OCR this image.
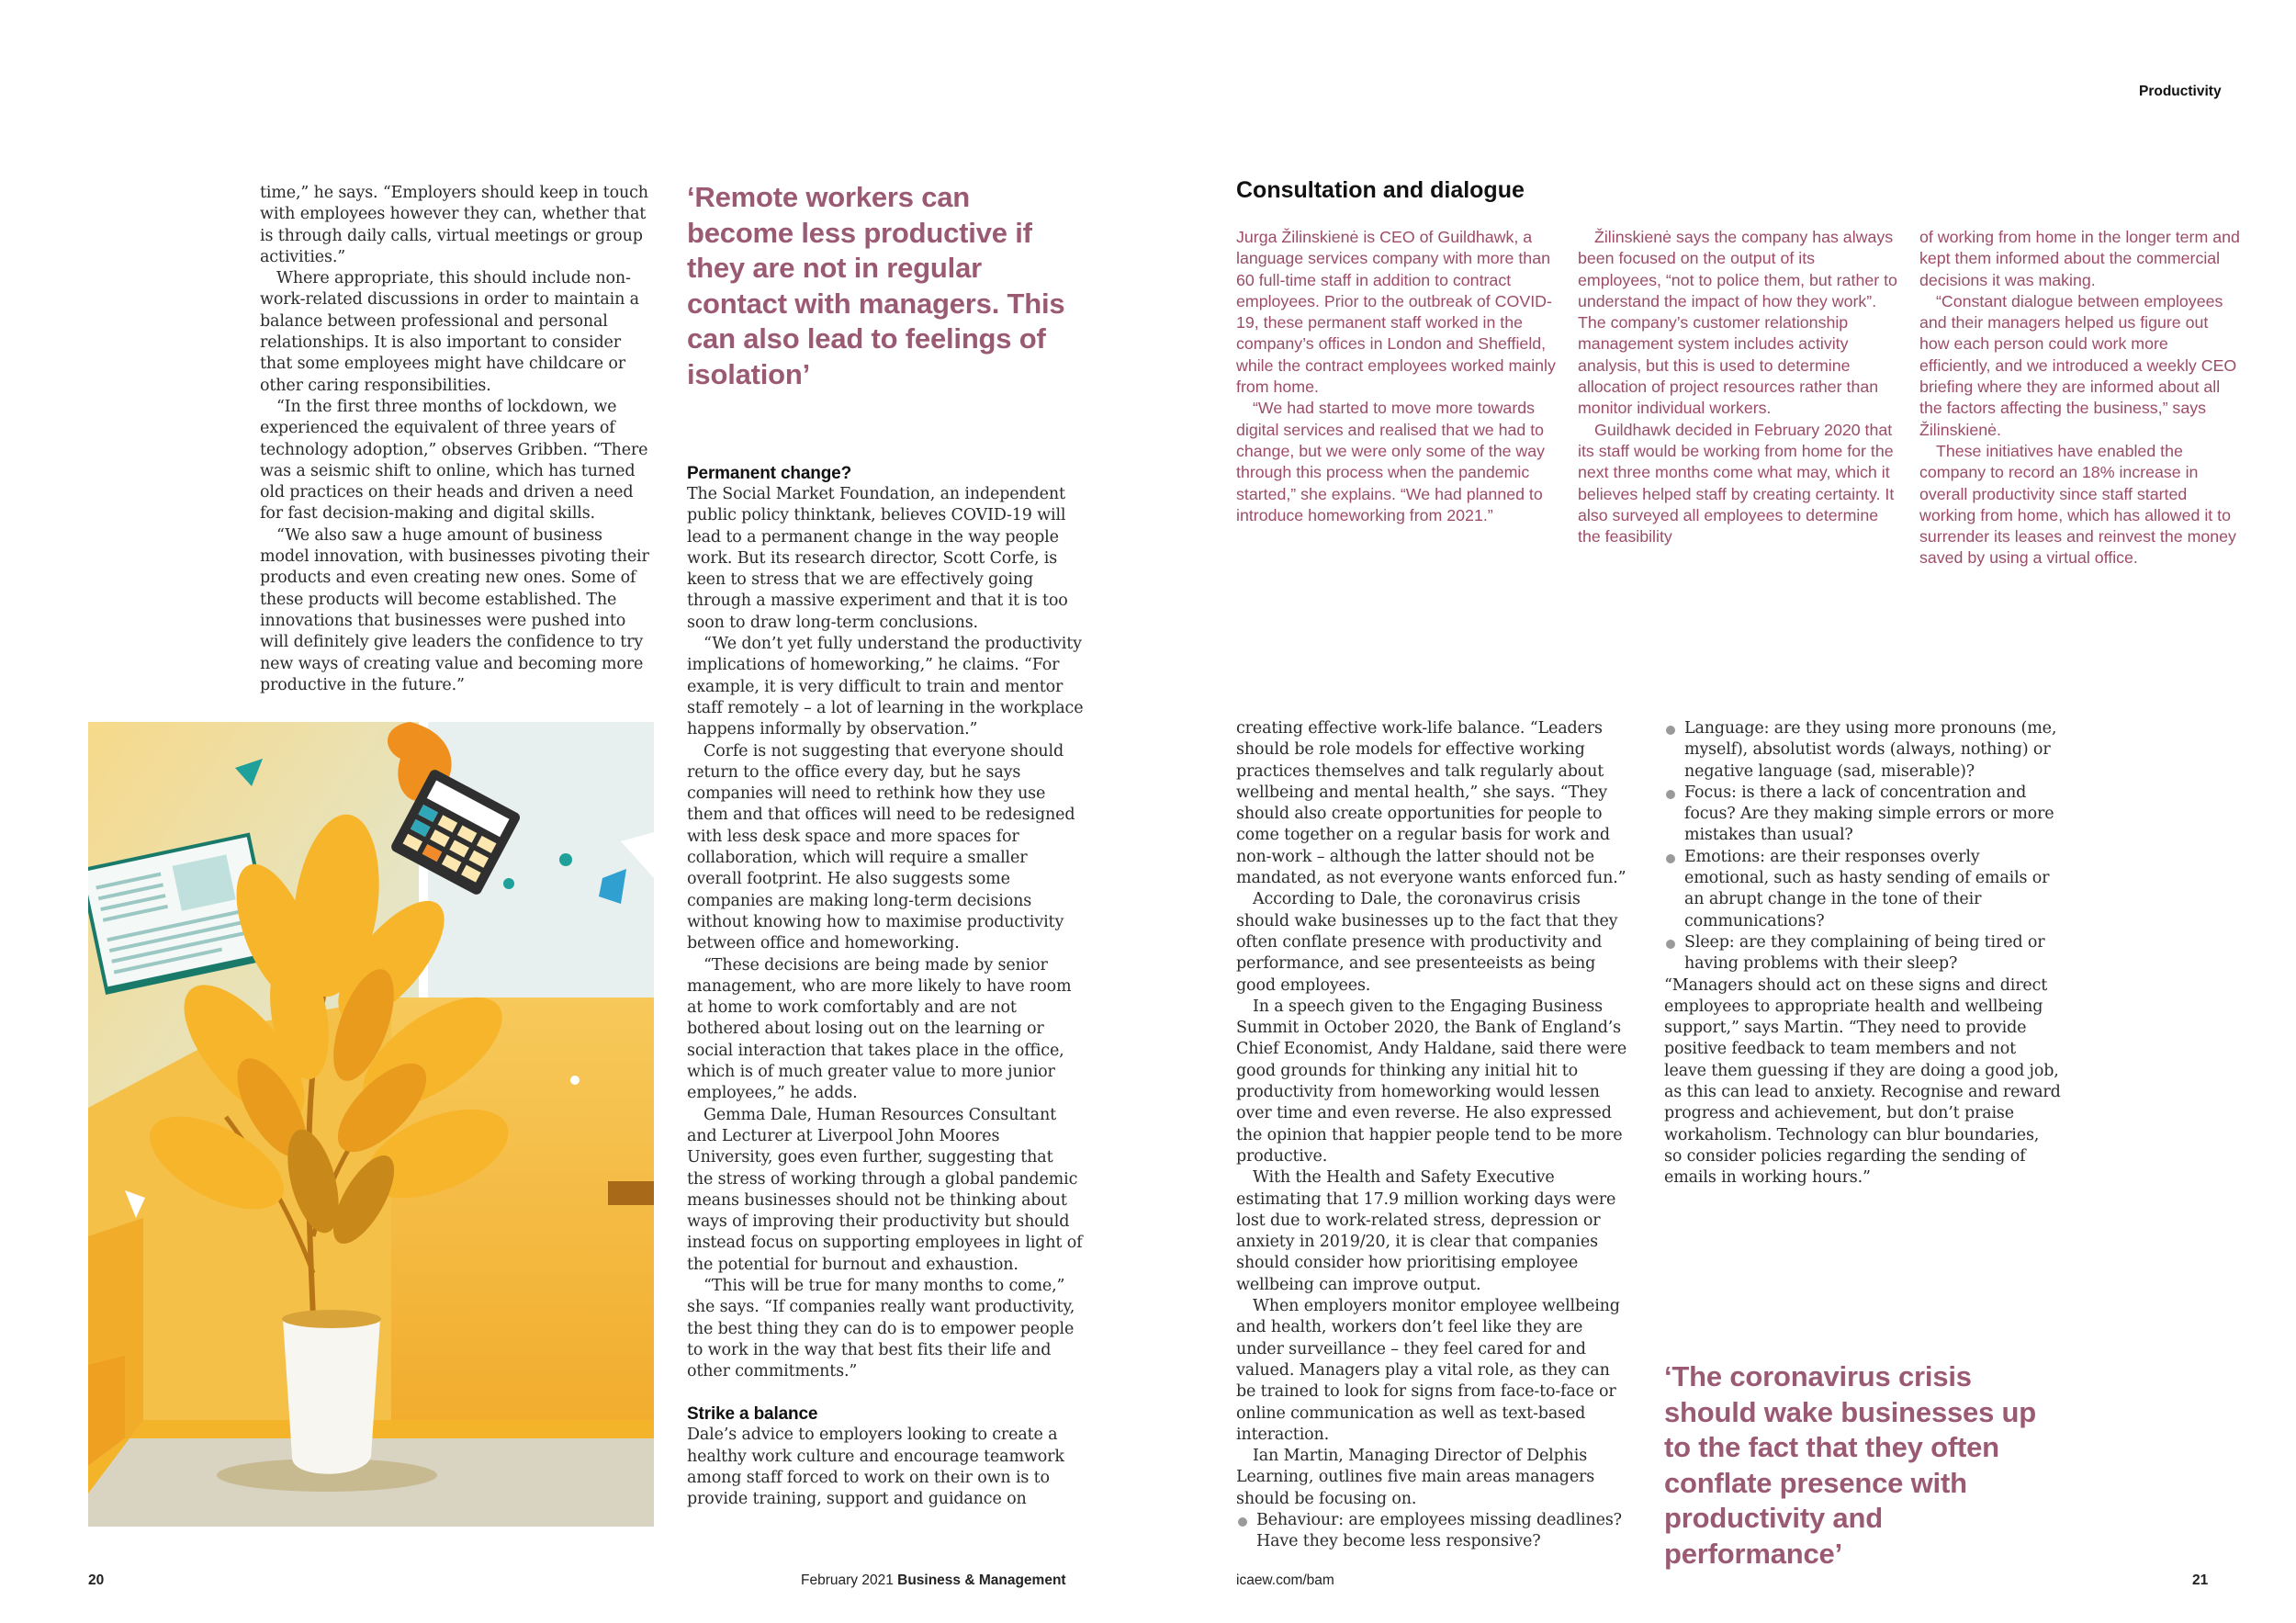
Productivity

time,” he says. “Employers should keep in touch with employees however they can, whether that is through daily calls, virtual meetings or group activities.”

Where appropriate, this should include non-work-related discussions in order to maintain a balance between professional and personal relationships. It is also important to consider that some employees might have childcare or other caring responsibilities.

“In the first three months of lockdown, we experienced the equivalent of three years of technology adoption,” observes Gribben. “There was a seismic shift to online, which has turned old practices on their heads and driven a need for fast decision-making and digital skills.

“We also saw a huge amount of business model innovation, with businesses pivoting their products and even creating new ones. Some of these products will become established. The innovations that businesses were pushed into will definitely give leaders the confidence to try new ways of creating value and becoming more productive in the future.”

‘Remote workers can become less productive if they are not in regular contact with managers. This can also lead to feelings of isolation’
Permanent change?

The Social Market Foundation, an independent public policy thinktank, believes COVID-19 will lead to a permanent change in the way people work. But its research director, Scott Corfe, is keen to stress that we are effectively going through a massive experiment and that it is too soon to draw long-term conclusions.

“We don’t yet fully understand the productivity implications of homeworking,” he claims. “For example, it is very difficult to train and mentor staff remotely – a lot of learning in the workplace happens informally by observation.”

Corfe is not suggesting that everyone should return to the office every day, but he says companies will need to rethink how they use them and that offices will need to be redesigned with less desk space and more spaces for collaboration, which will require a smaller overall footprint. He also suggests some companies are making long-term decisions without knowing how to maximise productivity between office and homeworking.

“These decisions are being made by senior management, who are more likely to have room at home to work comfortably and are not bothered about losing out on the learning or social interaction that takes place in the office, which is of much greater value to more junior employees,” he adds.

Gemma Dale, Human Resources Consultant and Lecturer at Liverpool John Moores University, goes even further, suggesting that the stress of working through a global pandemic means businesses should not be thinking about ways of improving their productivity but should instead focus on supporting employees in light of the potential for burnout and exhaustion.

“This will be true for many months to come,” she says. “If companies really want productivity, the best thing they can do is to empower people to work in the way that best fits their life and other commitments.”

Strike a balance

Dale’s advice to employers looking to create a healthy work culture and encourage teamwork among staff forced to work on their own is to provide training, support and guidance on

20	February 2021 Business & Management
Consultation and dialogue

Jurga Žilinskienė is CEO of Guildhawk, a language services company with more than 60 full-time staff in addition to contract employees. Prior to the outbreak of COVID-19, these permanent staff worked in the company’s offices in London and Sheffield, while the contract employees worked mainly from home.

“We had started to move more towards digital services and realised that we had to change, but we were only some of the way through this process when the pandemic started,” she explains. “We had planned to introduce homeworking from 2021.”

Žilinskienė says the company has always been focused on the output of its employees, “not to police them, but rather to understand the impact of how they work”. The company’s customer relationship management system includes activity analysis, but this is used to determine allocation of project resources rather than monitor individual workers.

Guildhawk decided in February 2020 that its staff would be working from home for the next three months come what may, which it believes helped staff by creating certainty. It also surveyed all employees to determine the feasibility

of working from home in the longer term and kept them informed about the commercial decisions it was making.

“Constant dialogue between employees and their managers helped us figure out how each person could work more efficiently, and we introduced a weekly CEO briefing where they are informed about all the factors affecting the business,” says Žilinskienė.

These initiatives have enabled the company to record an 18% increase in overall productivity since staff started working from home, which has allowed it to surrender its leases and reinvest the money saved by using a virtual office.

creating effective work-life balance. “Leaders should be role models for effective working practices themselves and talk regularly about wellbeing and mental health,” she says. “They should also create opportunities for people to come together on a regular basis for work and non-work – although the latter should not be mandated, as not everyone wants enforced fun.”

According to Dale, the coronavirus crisis should wake businesses up to the fact that they often conflate presence with productivity and performance, and see presenteeists as being good employees.

In a speech given to the Engaging Business Summit in October 2020, the Bank of England’s Chief Economist, Andy Haldane, said there were good grounds for thinking any initial hit to productivity from homeworking would lessen over time and even reverse. He also expressed the opinion that happier people tend to be more productive.

With the Health and Safety Executive estimating that 17.9 million working days were lost due to work-related stress, depression or anxiety in 2019/20, it is clear that companies should consider how prioritising employee wellbeing can improve output.

When employers monitor employee wellbeing and health, workers don’t feel like they are under surveillance – they feel cared for and valued. Managers play a vital role, as they can be trained to look for signs from face-to-face or online communication as well as text-based interaction.

Ian Martin, Managing Director of Delphis Learning, outlines five main areas managers should be focusing on.

Behaviour: are employees missing deadlines? Have they become less responsive?
Language: are they using more pronouns (me, myself), absolutist words (always, nothing) or negative language (sad, miserable)?
Focus: is there a lack of concentration and focus? Are they making simple errors or more mistakes than usual?
Emotions: are their responses overly emotional, such as hasty sending of emails or an abrupt change in the tone of their communications?
Sleep: are they complaining of being tired or having problems with their sleep?

“Managers should act on these signs and direct employees to appropriate health and wellbeing support,” says Martin. “They need to provide positive feedback to team members and not leave them guessing if they are doing a good job, as this can lead to anxiety. Recognise and reward progress and achievement, but don’t praise workaholism. Technology can blur boundaries, so consider policies regarding the sending of emails in working hours.”

‘The coronavirus crisis should wake businesses up to the fact that they often conflate presence with productivity and performance’
icaew.com/bam	21
